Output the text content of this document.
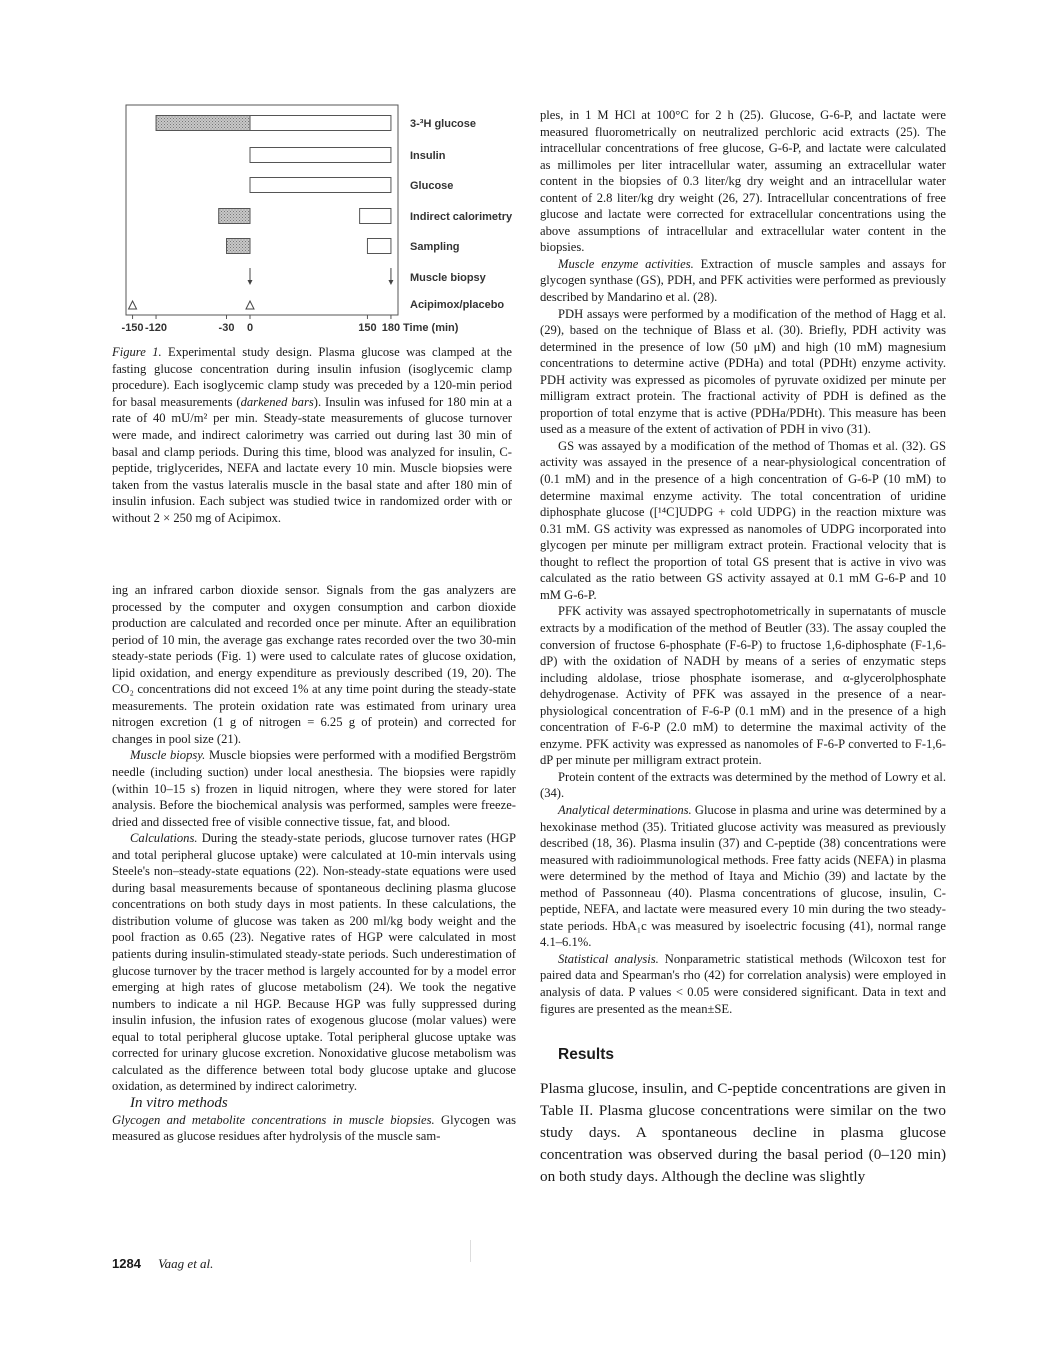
3-³H glucose
Insulin
Glucose
Indirect calorimetry
Sampling
Muscle biopsy
Acipimox/placebo
-150 -120	-30 0	150 180 Time (min)
Figure 1. Experimental study design. Plasma glucose was clamped at the fasting glucose concentration during insulin infusion (isoglycemic clamp procedure). Each isoglycemic clamp study was preceded by a 120-min period for basal measurements (darkened bars). Insulin was infused for 180 min at a rate of 40 mU/m² per min. Steady-state measurements of glucose turnover were made, and indirect calorimetry was carried out during last 30 min of basal and clamp periods. During this time, blood was analyzed for insulin, C-peptide, triglycerides, NEFA and lactate every 10 min. Muscle biopsies were taken from the vastus lateralis muscle in the basal state and after 180 min of insulin infusion. Each subject was studied twice in randomized order with or without 2 × 250 mg of Acipimox.

ing an infrared carbon dioxide sensor. Signals from the gas analyzers are processed by the computer and oxygen consumption and carbon dioxide production are calculated and recorded once per minute. After an equilibration period of 10 min, the average gas exchange rates recorded over the two 30-min steady-state periods (Fig. 1) were used to calculate rates of glucose oxidation, lipid oxidation, and energy expenditure as previously described (19, 20). The CO₂ concentrations did not exceed 1% at any time point during the steady-state measurements. The protein oxidation rate was estimated from urinary urea nitrogen excretion (1 g of nitrogen = 6.25 g of protein) and corrected for changes in pool size (21).

Muscle biopsy. Muscle biopsies were performed with a modified Bergström needle (including suction) under local anesthesia. The biopsies were rapidly (within 10–15 s) frozen in liquid nitrogen, where they were stored for later analysis. Before the biochemical analysis was performed, samples were freeze-dried and dissected free of visible connective tissue, fat, and blood.

Calculations. During the steady-state periods, glucose turnover rates (HGP and total peripheral glucose uptake) were calculated at 10-min intervals using Steele's non–steady-state equations (22). Non-steady-state equations were used during basal measurements because of spontaneous declining plasma glucose concentrations on both study days in most patients. In these calculations, the distribution volume of glucose was taken as 200 ml/kg body weight and the pool fraction as 0.65 (23). Negative rates of HGP were calculated in most patients during insulin-stimulated steady-state periods. Such underestimation of glucose turnover by the tracer method is largely accounted for by a model error emerging at high rates of glucose metabolism (24). We took the negative numbers to indicate a nil HGP. Because HGP was fully suppressed during insulin infusion, the infusion rates of exogenous glucose (molar values) were equal to total peripheral glucose uptake. Total peripheral glucose uptake was corrected for urinary glucose excretion. Nonoxidative glucose metabolism was calculated as the difference between total body glucose uptake and glucose oxidation, as determined by indirect calorimetry.

In vitro methods

Glycogen and metabolite concentrations in muscle biopsies. Glycogen was measured as glucose residues after hydrolysis of the muscle sam-

ples, in 1 M HCl at 100°C for 2 h (25). Glucose, G-6-P, and lactate were measured fluorometrically on neutralized perchloric acid extracts (25). The intracellular concentrations of free glucose, G-6-P, and lactate were calculated as millimoles per liter intracellular water, assuming an extracellular water content in the biopsies of 0.3 liter/kg dry weight and an intracellular water content of 2.8 liter/kg dry weight (26, 27). Intracellular concentrations of free glucose and lactate were corrected for extracellular concentrations using the above assumptions of intracellular and extracellular water content in the biopsies.

Muscle enzyme activities. Extraction of muscle samples and assays for glycogen synthase (GS), PDH, and PFK activities were performed as previously described by Mandarino et al. (28).

PDH assays were performed by a modification of the method of Hagg et al. (29), based on the technique of Blass et al. (30). Briefly, PDH activity was determined in the presence of low (50 μM) and high (10 mM) magnesium concentrations to determine active (PDHa) and total (PDHt) enzyme activity. PDH activity was expressed as picomoles of pyruvate oxidized per minute per milligram extract protein. The fractional activity of PDH is defined as the proportion of total enzyme that is active (PDHa/PDHt). This measure has been used as a measure of the extent of activation of PDH in vivo (31).

GS was assayed by a modification of the method of Thomas et al. (32). GS activity was assayed in the presence of a near-physiological concentration of (0.1 mM) and in the presence of a high concentration of G-6-P (10 mM) to determine maximal enzyme activity. The total concentration of uridine diphosphate glucose ([¹⁴C]UDPG + cold UDPG) in the reaction mixture was 0.31 mM. GS activity was expressed as nanomoles of UDPG incorporated into glycogen per minute per milligram extract protein. Fractional velocity that is thought to reflect the proportion of total GS present that is active in vivo was calculated as the ratio between GS activity assayed at 0.1 mM G-6-P and 10 mM G-6-P.

PFK activity was assayed spectrophotometrically in supernatants of muscle extracts by a modification of the method of Beutler (33). The assay coupled the conversion of fructose 6-phosphate (F-6-P) to fructose 1,6-diphosphate (F-1,6-dP) with the oxidation of NADH by means of a series of enzymatic steps including aldolase, triose phosphate isomerase, and α-glycerolphosphate dehydrogenase. Activity of PFK was assayed in the presence of a near-physiological concentration of F-6-P (0.1 mM) and in the presence of a high concentration of F-6-P (2.0 mM) to determine the maximal activity of the enzyme. PFK activity was expressed as nanomoles of F-6-P converted to F-1,6-dP per minute per milligram extract protein.

Protein content of the extracts was determined by the method of Lowry et al. (34).

Analytical determinations. Glucose in plasma and urine was determined by a hexokinase method (35). Tritiated glucose activity was measured as previously described (18, 36). Plasma insulin (37) and C-peptide (38) concentrations were measured with radioimmunological methods. Free fatty acids (NEFA) in plasma were determined by the method of Itaya and Michio (39) and lactate by the method of Passonneau (40). Plasma concentrations of glucose, insulin, C-peptide, NEFA, and lactate were measured every 10 min during the two steady-state periods. HbA₁c was measured by isoelectric focusing (41), normal range 4.1–6.1%.

Statistical analysis. Nonparametric statistical methods (Wilcoxon test for paired data and Spearman's rho (42) for correlation analysis) were employed in analysis of data. P values < 0.05 were considered significant. Data in text and figures are presented as the mean±SE.

Results

Plasma glucose, insulin, and C-peptide concentrations are given in Table II. Plasma glucose concentrations were similar on the two study days. A spontaneous decline in plasma glucose concentration was observed during the basal period (0–120 min) on both study days. Although the decline was slightly

1284 Vaag et al.
